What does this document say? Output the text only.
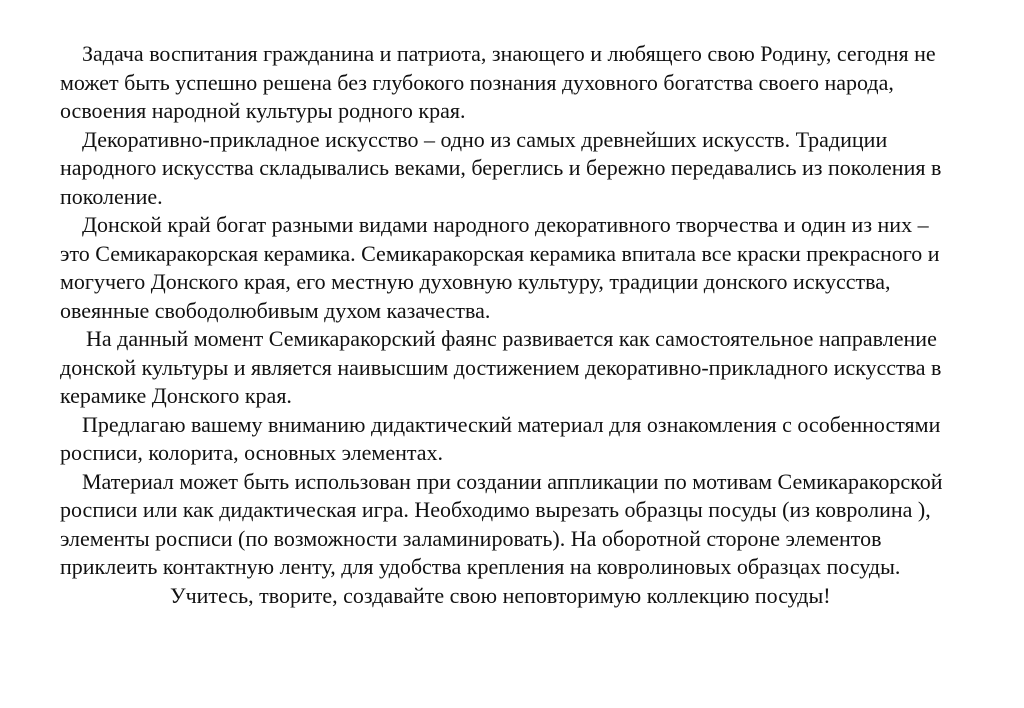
Задача воспитания гражданина и патриота, знающего и любящего свою Родину, сегодня не может быть успешно решена без глубокого познания духовного богатства своего народа, освоения народной культуры родного края.

Декоративно-прикладное искусство – одно из самых древнейших искусств. Традиции народного искусства складывались веками, береглись и бережно передавались из поколения в поколение.

Донской край богат разными видами народного декоративного творчества и один из них – это Семикаракорская керамика. Семикаракорская керамика впитала все краски прекрасного и могучего Донского края, его местную духовную культуру, традиции донского искусства, овеянные свободолюбивым духом казачества.

На данный момент Семикаракорский фаянс развивается как самостоятельное направление донской культуры и является наивысшим достижением декоративно-прикладного искусства в керамике Донского края.

Предлагаю вашему вниманию дидактический материал для ознакомления с особенностями росписи, колорита, основных элементах.

Материал может быть использован при создании аппликации по мотивам Семикаракорской росписи или как дидактическая игра. Необходимо вырезать образцы посуды (из ковролина ), элементы росписи (по возможности заламинировать). На оборотной стороне элементов приклеить контактную ленту, для удобства крепления на ковролиновых образцах посуды.

Учитесь, творите, создавайте свою неповторимую коллекцию посуды!
